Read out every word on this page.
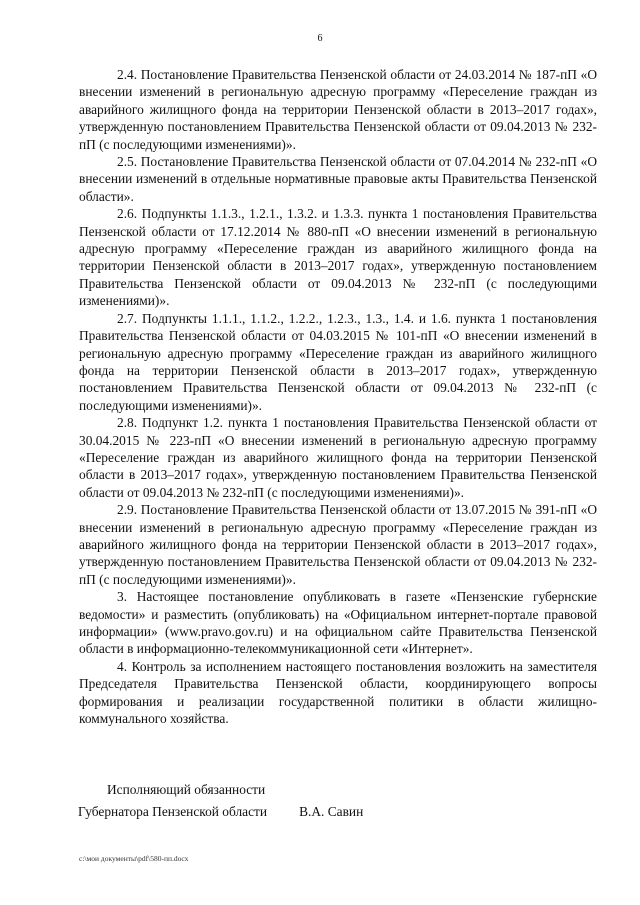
6

2.4. Постановление Правительства Пензенской области от 24.03.2014 № 187-пП «О внесении изменений в региональную адресную программу «Переселение граждан из аварийного жилищного фонда на территории Пензенской области в 2013–2017 годах», утвержденную постановлением Правительства Пензенской области от 09.04.2013 № 232-пП (с последующими изменениями)».

2.5. Постановление Правительства Пензенской области от 07.04.2014 № 232-пП «О внесении изменений в отдельные нормативные правовые акты Правительства Пензенской области».

2.6. Подпункты 1.1.3., 1.2.1., 1.3.2. и 1.3.3. пункта 1 постановления Правительства Пензенской области от 17.12.2014 № 880-пП «О внесении изменений в региональную адресную программу «Переселение граждан из аварийного жилищного фонда на территории Пензенской области в 2013–2017 годах», утвержденную постановлением Правительства Пензенской области от 09.04.2013 № 232-пП (с последующими изменениями)».

2.7. Подпункты 1.1.1., 1.1.2., 1.2.2., 1.2.3., 1.3., 1.4. и 1.6. пункта 1 постановления Правительства Пензенской области от 04.03.2015 № 101-пП «О внесении изменений в региональную адресную программу «Переселение граждан из аварийного жилищного фонда на территории Пензенской области в 2013–2017 годах», утвержденную постановлением Правительства Пензенской области от 09.04.2013 № 232-пП (с последующими изменениями)».

2.8. Подпункт 1.2. пункта 1 постановления Правительства Пензенской области от 30.04.2015 № 223-пП «О внесении изменений в региональную адресную программу «Переселение граждан из аварийного жилищного фонда на территории Пензенской области в 2013–2017 годах», утвержденную постановлением Правительства Пензенской области от 09.04.2013 № 232-пП (с последующими изменениями)».

2.9. Постановление Правительства Пензенской области от 13.07.2015 № 391-пП «О внесении изменений в региональную адресную программу «Переселение граждан из аварийного жилищного фонда на территории Пензенской области в 2013–2017 годах», утвержденную постановлением Правительства Пензенской области от 09.04.2013 № 232-пП (с последующими изменениями)».

3. Настоящее постановление опубликовать в газете «Пензенские губернские ведомости» и разместить (опубликовать) на «Официальном интернет-портале правовой информации» (www.pravo.gov.ru) и на официальном сайте Правительства Пензенской области в информационно-телекоммуникационной сети «Интернет».

4. Контроль за исполнением настоящего постановления возложить на заместителя Председателя Правительства Пензенской области, координирующего вопросы формирования и реализации государственной политики в области жилищно-коммунального хозяйства.

Исполняющий обязанности
Губернатора Пензенской области В.А. Савин
c:\мои документы\pdf\580-пп.docx
